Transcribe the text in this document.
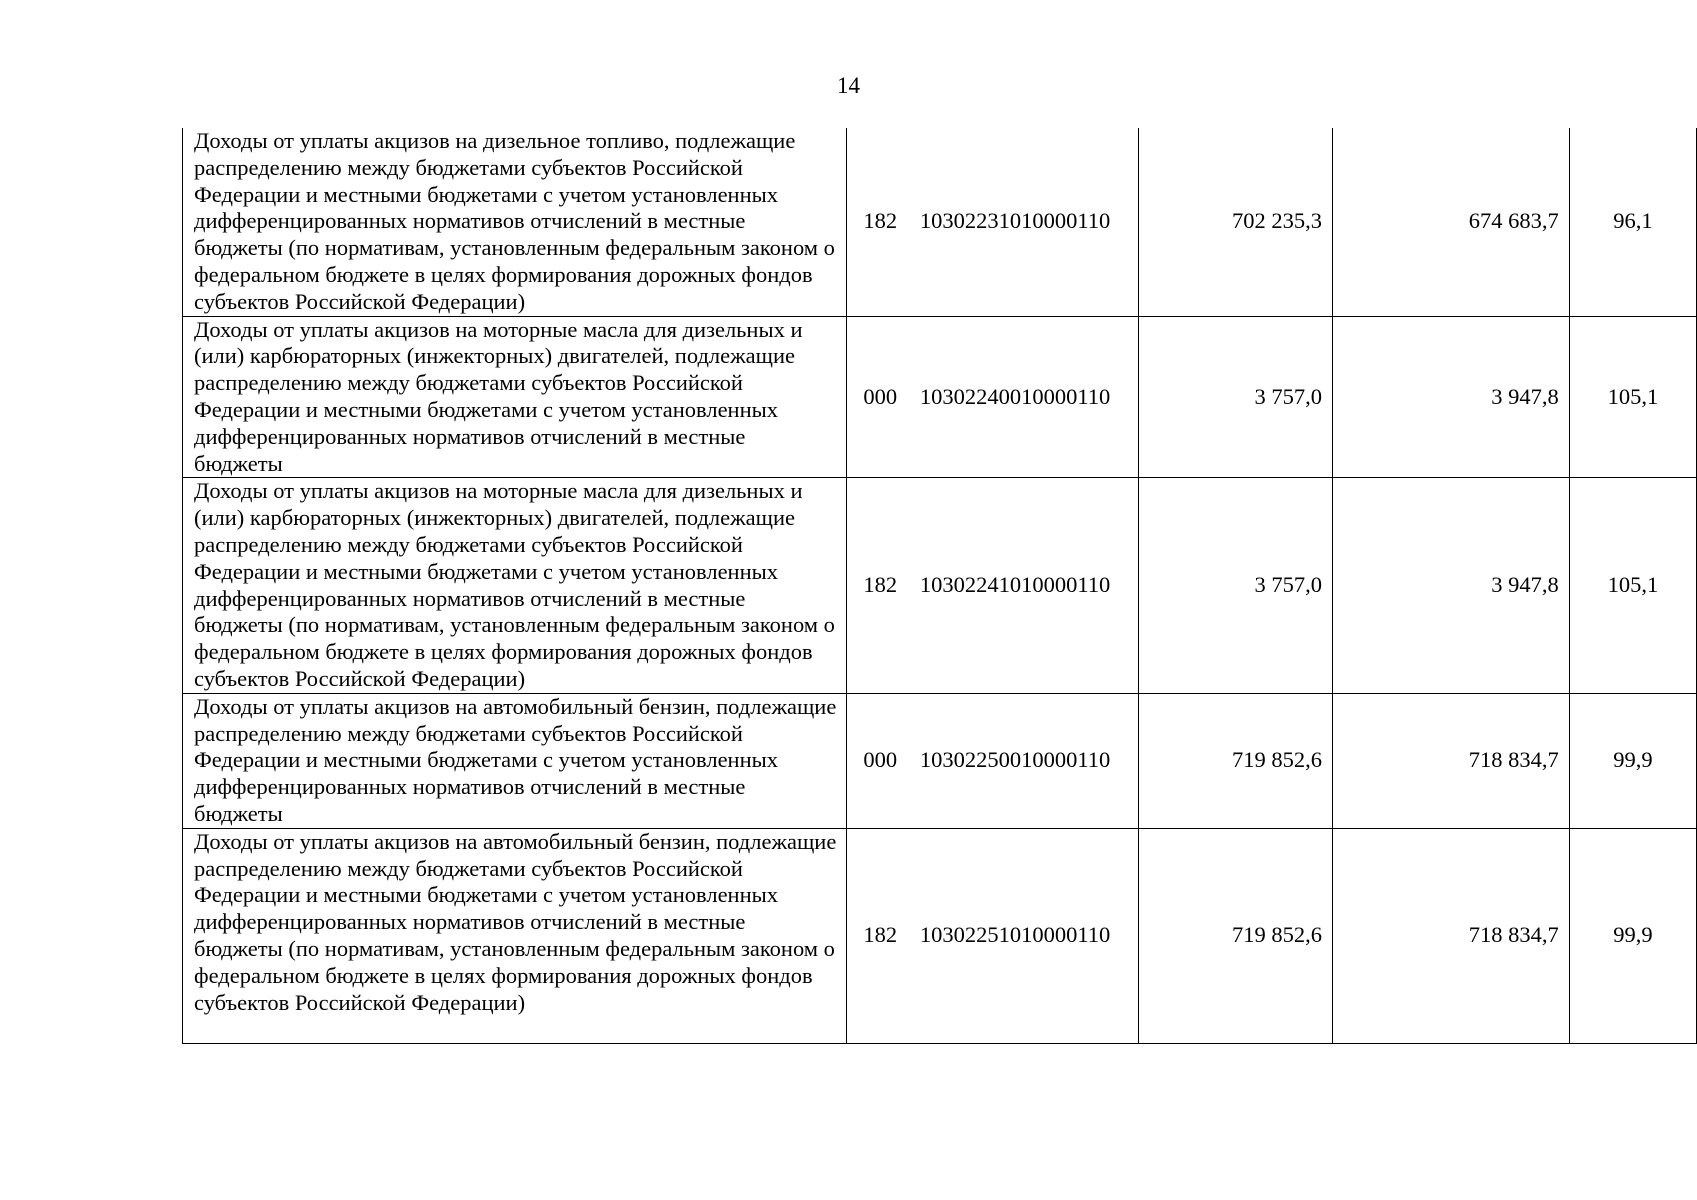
14
Доходы от уплаты акцизов на дизельное топливо, подлежащие распределению между бюджетами субъектов Российской Федерации и местными бюджетами с учетом установленных дифференцированных нормативов отчислений в местные бюджеты (по нормативам, установленным федеральным законом о федеральном бюджете в целях формирования дорожных фондов субъектов Российской Федерации)	182	10302231010000110	702 235,3	674 683,7	96,1
Доходы от уплаты акцизов на моторные масла для дизельных и (или) карбюраторных (инжекторных) двигателей, подлежащие распределению между бюджетами субъектов Российской Федерации и местными бюджетами с учетом установленных дифференцированных нормативов отчислений в местные бюджеты	000	10302240010000110	3 757,0	3 947,8	105,1
Доходы от уплаты акцизов на моторные масла для дизельных и (или) карбюраторных (инжекторных) двигателей, подлежащие распределению между бюджетами субъектов Российской Федерации и местными бюджетами с учетом установленных дифференцированных нормативов отчислений в местные бюджеты (по нормативам, установленным федеральным законом о федеральном бюджете в целях формирования дорожных фондов субъектов Российской Федерации)	182	10302241010000110	3 757,0	3 947,8	105,1
Доходы от уплаты акцизов на автомобильный бензин, подлежащие распределению между бюджетами субъектов Российской Федерации и местными бюджетами с учетом установленных дифференцированных нормативов отчислений в местные бюджеты	000	10302250010000110	719 852,6	718 834,7	99,9
Доходы от уплаты акцизов на автомобильный бензин, подлежащие распределению между бюджетами субъектов Российской Федерации и местными бюджетами с учетом установленных дифференцированных нормативов отчислений в местные бюджеты (по нормативам, установленным федеральным законом о федеральном бюджете в целях формирования дорожных фондов субъектов Российской Федерации)	182	10302251010000110	719 852,6	718 834,7	99,9
